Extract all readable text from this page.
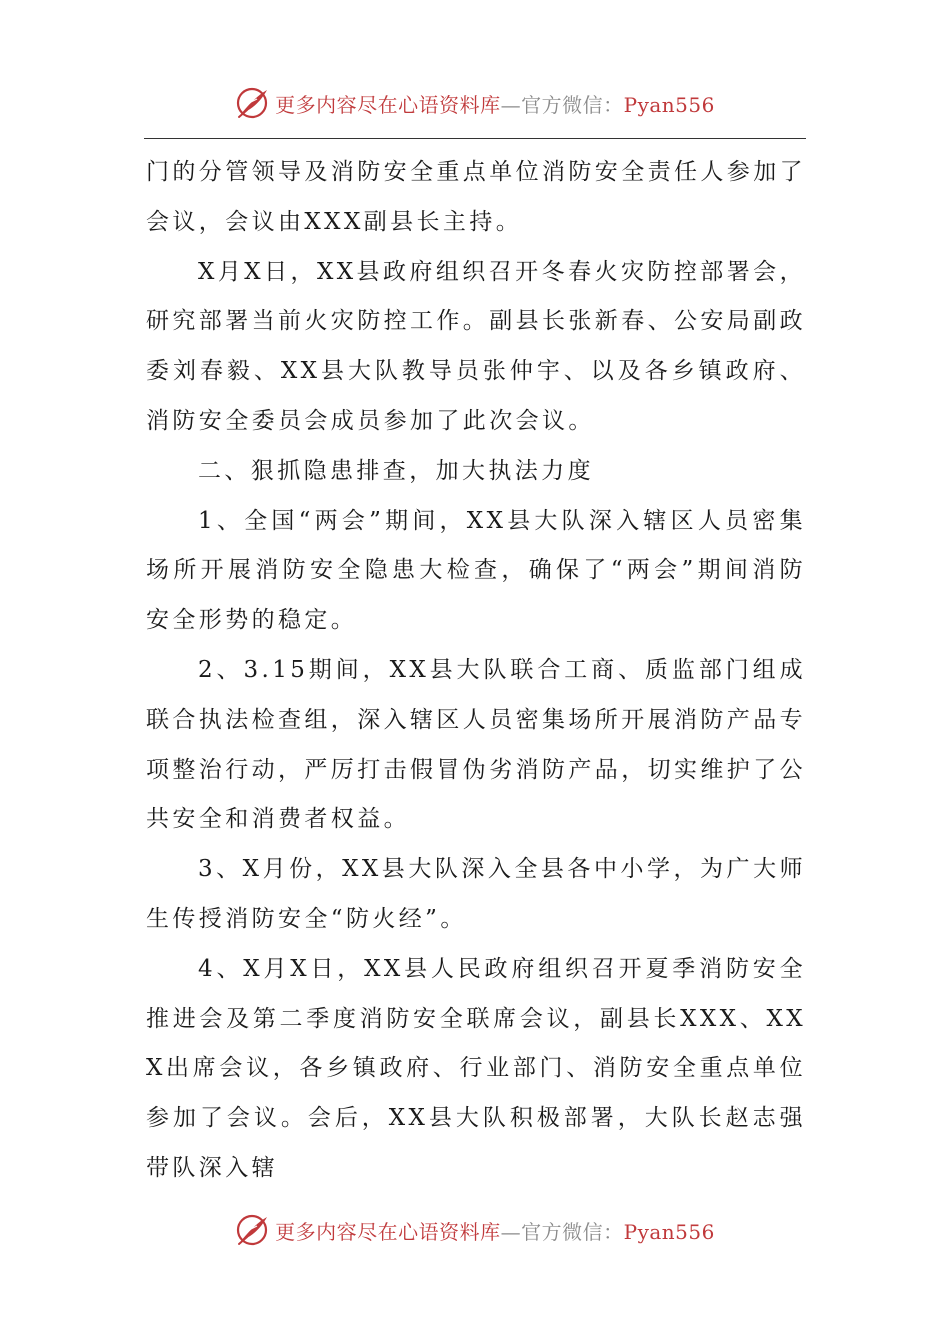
更多内容尽在心语资料库—官方微信：Pyan556

门的分管领导及消防安全重点单位消防安全责任人参加了会议，会议由XXX副县长主持。

X月X日，XX县政府组织召开冬春火灾防控部署会，研究部署当前火灾防控工作。副县长张新春、公安局副政委刘春毅、XX县大队教导员张仲宇、以及各乡镇政府、消防安全委员会成员参加了此次会议。

二、狠抓隐患排查，加大执法力度

1、全国“两会”期间，XX县大队深入辖区人员密集场所开展消防安全隐患大检查，确保了“两会”期间消防安全形势的稳定。

2、3.15期间，XX县大队联合工商、质监部门组成联合执法检查组，深入辖区人员密集场所开展消防产品专项整治行动，严厉打击假冒伪劣消防产品，切实维护了公共安全和消费者权益。

3、X月份，XX县大队深入全县各中小学，为广大师生传授消防安全“防火经”。

4、X月X日，XX县人民政府组织召开夏季消防安全推进会及第二季度消防安全联席会议，副县长XXX、XXX出席会议，各乡镇政府、行业部门、消防安全重点单位参加了会议。会后，XX县大队积极部署，大队长赵志强带队深入辖

更多内容尽在心语资料库—官方微信：Pyan556
